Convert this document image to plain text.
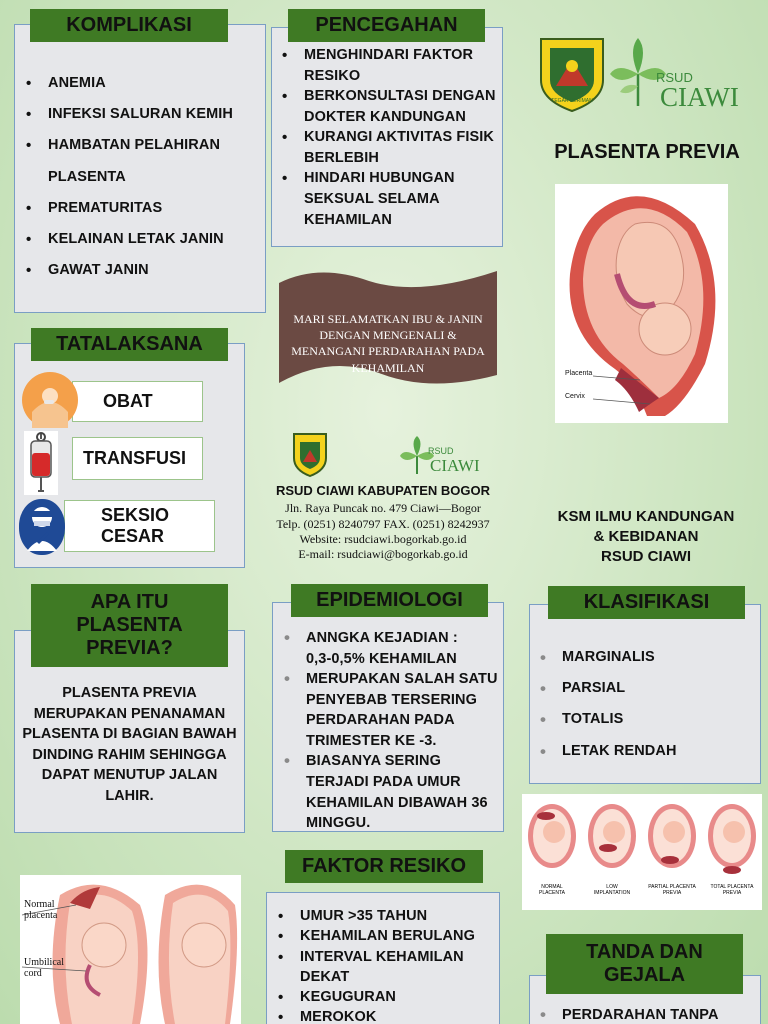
KOMPLIKASI
• ANEMIA
• INFEKSI SALURAN KEMIH
• HAMBATAN PELAHIRAN
PLASENTA
• PREMATURITAS
• KELAINAN LETAK JANIN
• GAWAT JANIN
PENCEGAHAN
• MENGHINDARI FAKTOR RESIKO
• BERKONSULTASI DENGAN DOKTER KANDUNGAN
• KURANGI AKTIVITAS FISIK BERLEBIH
• HINDARI HUBUNGAN SEKSUAL SELAMA KEHAMILAN
TATALAKSANA
OBAT
TRANSFUSI
SEKSIO
CESAR
MARI SELAMATKAN IBU & JANIN DENGAN MENGENALI & MENANGANI PERDARAHAN PADA KEHAMILAN
RSUD
CIAWI
RSUD CIAWI KABUPATEN BOGOR
Jln. Raya Puncak no. 479 Ciawi—Bogor
Telp. (0251) 8240797 FAX. (0251) 8242937
Website: rsudciawi.bogorkab.go.id
E-mail: rsudciawi@bogorkab.go.id
TEGAR BERIMAN
RSUD
CIAWI
PLASENTA PREVIA
Placenta
Cervix
KSM ILMU KANDUNGAN
& KEBIDANAN
RSUD CIAWI
APA ITU PLASENTA PREVIA?
PLASENTA PREVIA MERUPAKAN PENANAMAN PLASENTA DI BAGIAN BAWAH DINDING RAHIM SEHINGGA DAPAT MENUTUP JALAN LAHIR.
EPIDEMIOLOGI
• ANNGKA KEJADIAN :
0,3-0,5% KEHAMILAN
• MERUPAKAN SALAH SATU PENYEBAB TERSERING PERDARAHAN PADA TRIMESTER KE -3.
• BIASANYA SERING TERJADI PADA UMUR KEHAMILAN DIBAWAH 36 MINGGU.
KLASIFIKASI
• MARGINALIS
• PARSIAL
• TOTALIS
• LETAK RENDAH
NORMAL PLACENTA
LOW IMPLANTATION
PARTIAL PLACENTA PREVIA
TOTAL PLACENTA PREVIA
FAKTOR RESIKO
• UMUR >35 TAHUN
• KEHAMILAN BERULANG
• INTERVAL KEHAMILAN DEKAT
• KEGUGURAN
• MEROKOK
Normal placenta
Umbilical cord
TANDA DAN GEJALA
• PERDARAHAN TANPA
